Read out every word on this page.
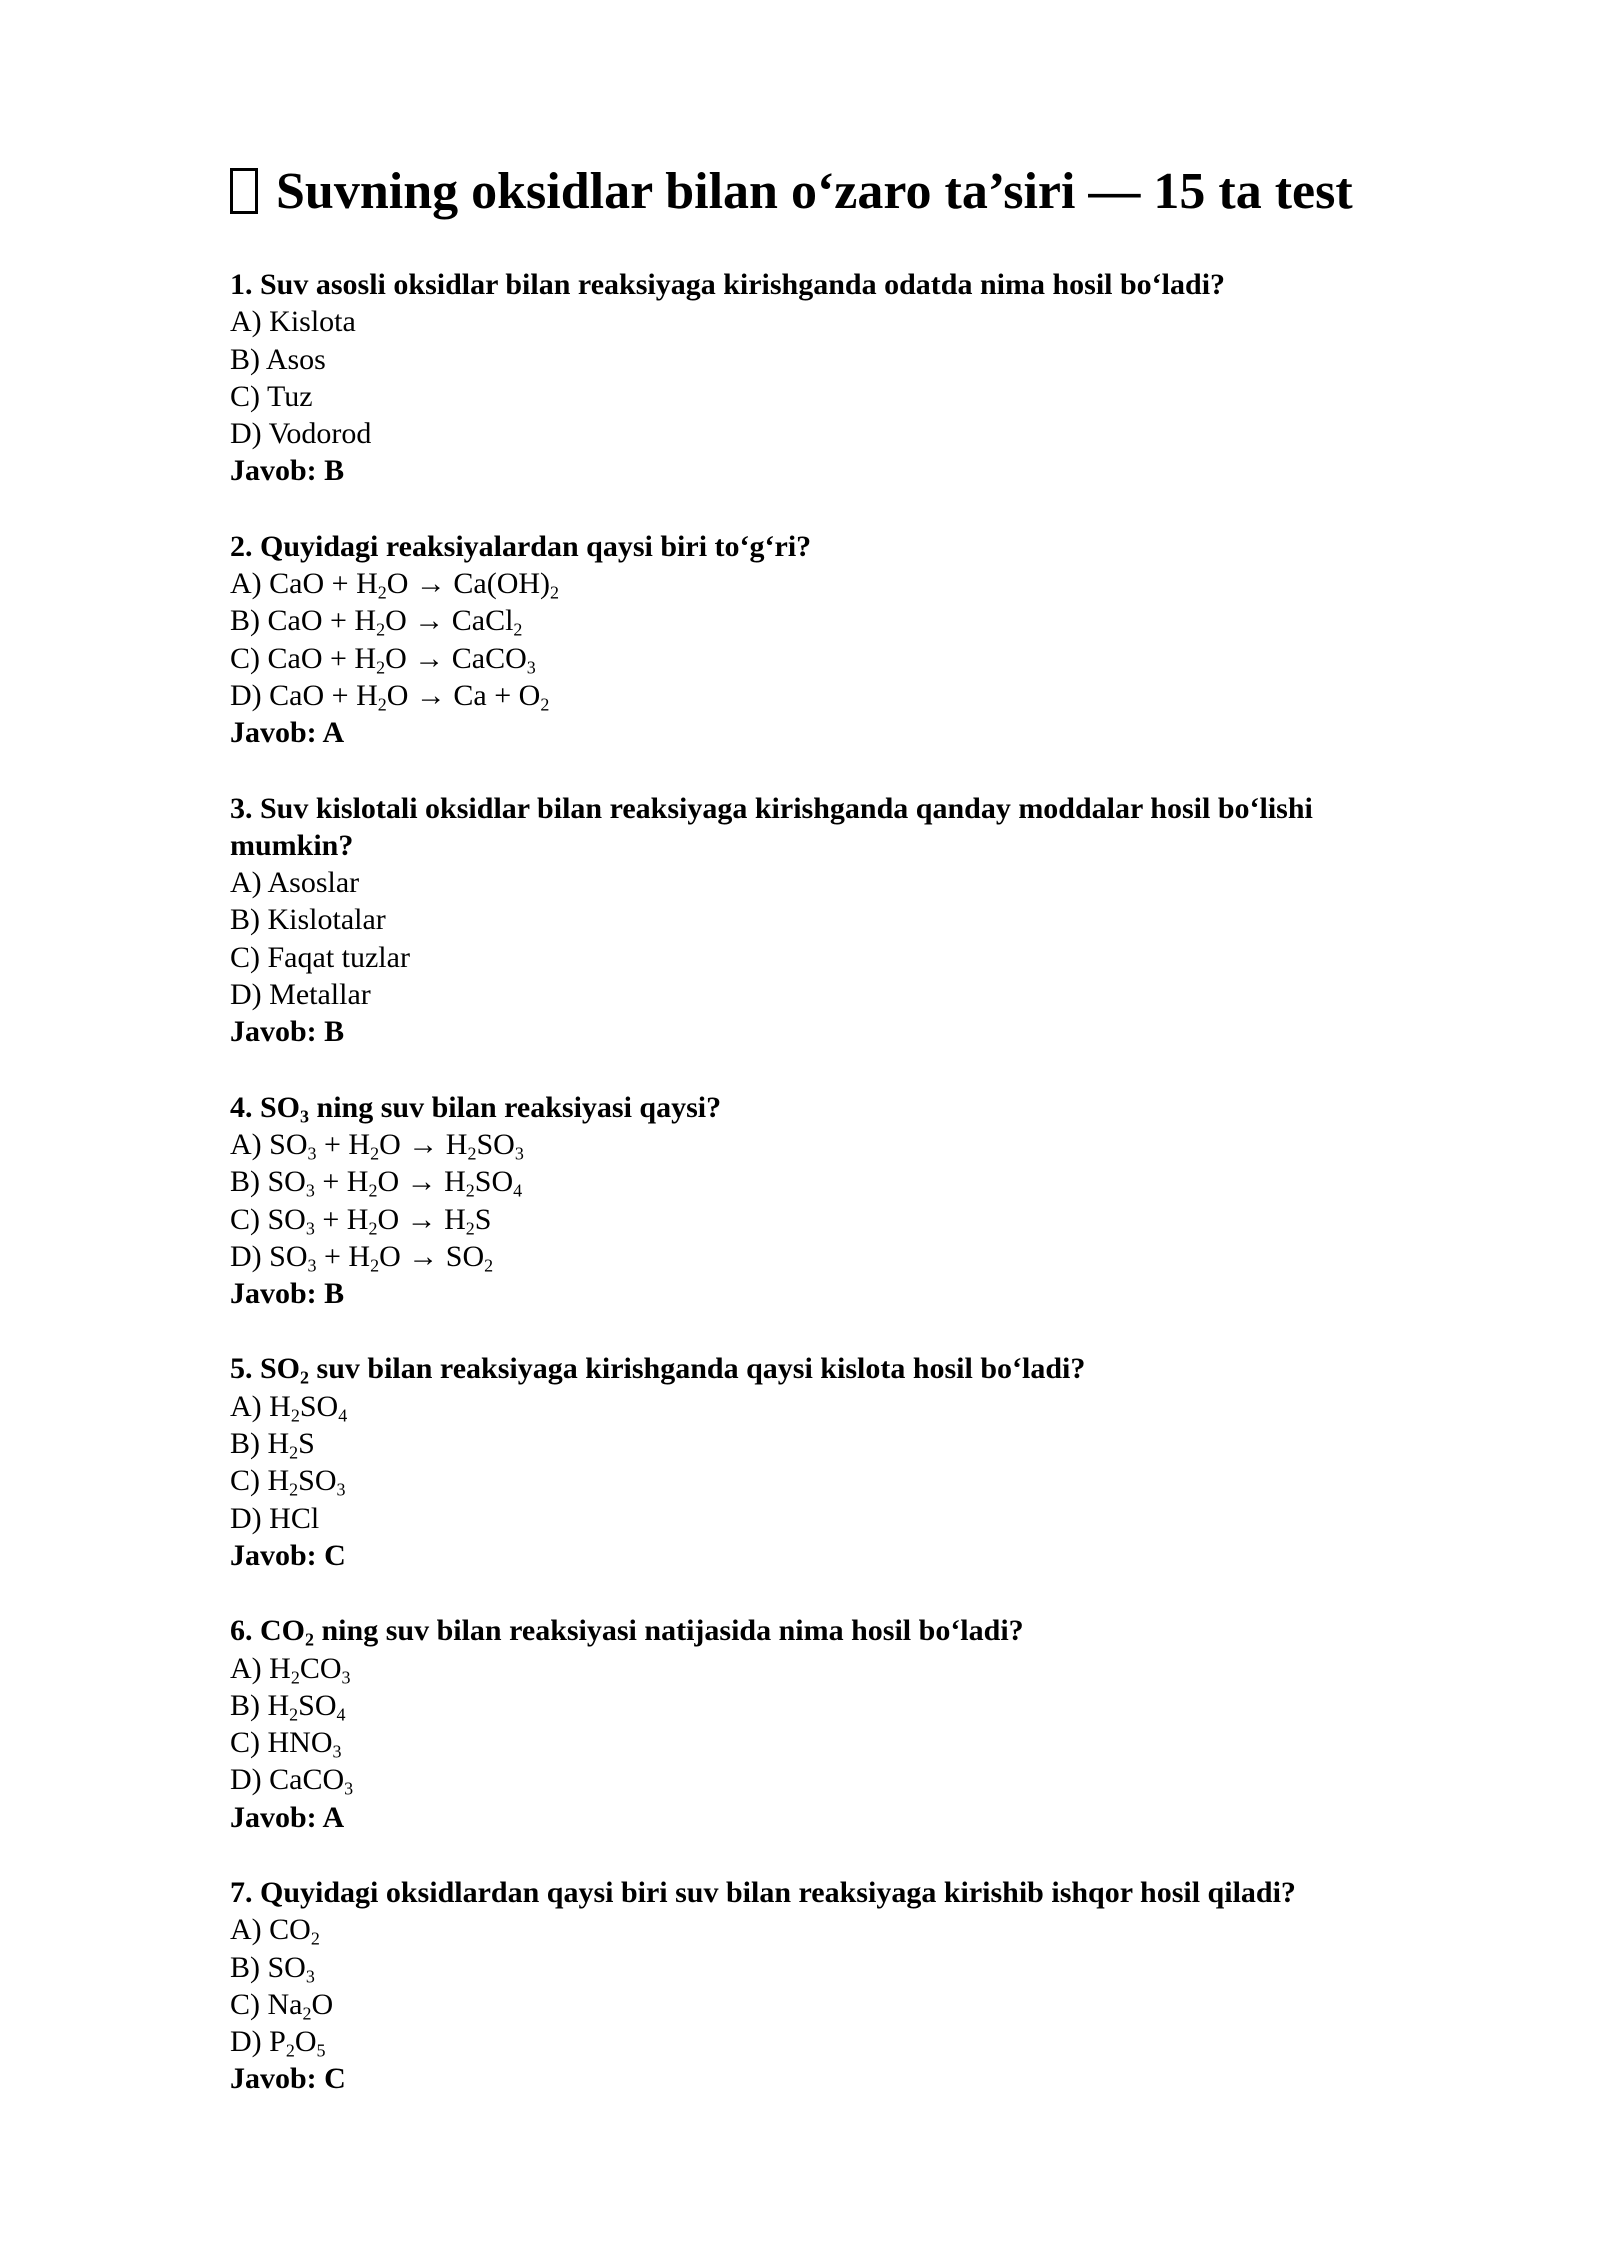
Suvning oksidlar bilan o‘zaro ta’siri — 15 ta test
1. Suv asosli oksidlar bilan reaksiyaga kirishganda odatda nima hosil bo‘ladi?
A) Kislota
B) Asos
C) Tuz
D) Vodorod
Javob: B
2. Quyidagi reaksiyalardan qaysi biri to‘g‘ri?
A) CaO + $H_2O \to Ca(OH)_2$
B) CaO + $H_2O$ → CaCl$_2$
C) CaO + $H_2O$ → CaCO$_3$
D) CaO + $H_2O \to Ca + O_2$
Javob: A
3. Suv kislotali oksidlar bilan reaksiyaga kirishganda qanday moddalar hosil bo‘lishi mumkin?
A) Asoslar
B) Kislotalar
C) Faqat tuzlar
D) Metallar
Javob: B
4. $SO_3$ ning suv bilan reaksiyasi qaysi?
A) $SO_3 + H_2O \to H_2SO_3$
B) $SO_3 + H_2O \to H_2SO_4$
C) $SO_3 + H_2O \to H_2S$
D) $SO_3 + H_2O \to SO_2$
Javob: B
5. $SO_2$ suv bilan reaksiyaga kirishganda qaysi kislota hosil bo‘ladi?
A) $H_2SO_4$
B) $H_2S$
C) $H_2SO_3$
D) HCl
Javob: C
6. $CO_2$ ning suv bilan reaksiyasi natijasida nima hosil bo‘ladi?
A) $H_2CO_3$
B) $H_2SO_4$
C) $HNO_3$
D) CaCO$_3$
Javob: A
7. Quyidagi oksidlardan qaysi biri suv bilan reaksiyaga kirishib ishqor hosil qiladi?
A) $CO_2$
B) $SO_3$
C) $Na_2O$
D) $P_2O_5$
Javob: C
